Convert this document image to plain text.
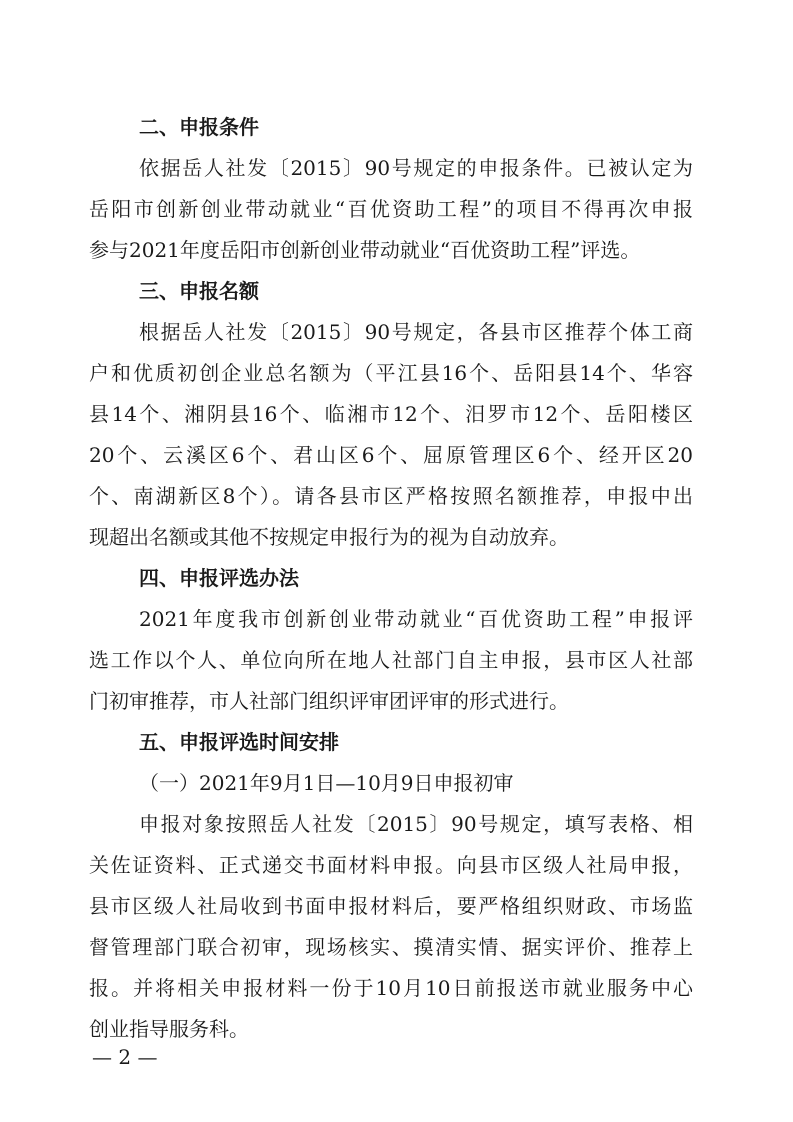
二、申报条件
依据岳人社发〔2015〕90号规定的申报条件。已被认定为
岳阳市创新创业带动就业“百优资助工程”的项目不得再次申报
参与2021年度岳阳市创新创业带动就业“百优资助工程”评选。
三、申报名额
根据岳人社发〔2015〕90号规定，各县市区推荐个体工商
户和优质初创企业总名额为（平江县16个、岳阳县14个、华容
县14个、湘阴县16个、临湘市12个、汨罗市12个、岳阳楼区
20个、云溪区6个、君山区6个、屈原管理区6个、经开区20
个、南湖新区8个）。请各县市区严格按照名额推荐，申报中出
现超出名额或其他不按规定申报行为的视为自动放弃。
四、申报评选办法
2021年度我市创新创业带动就业“百优资助工程”申报评
选工作以个人、单位向所在地人社部门自主申报，县市区人社部
门初审推荐，市人社部门组织评审团评审的形式进行。
五、申报评选时间安排
（一）2021年9月1日—10月9日申报初审
申报对象按照岳人社发〔2015〕90号规定，填写表格、相
关佐证资料、正式递交书面材料申报。向县市区级人社局申报，
县市区级人社局收到书面申报材料后，要严格组织财政、市场监
督管理部门联合初审，现场核实、摸清实情、据实评价、推荐上
报。并将相关申报材料一份于10月10日前报送市就业服务中心
创业指导服务科。
— 2 —
